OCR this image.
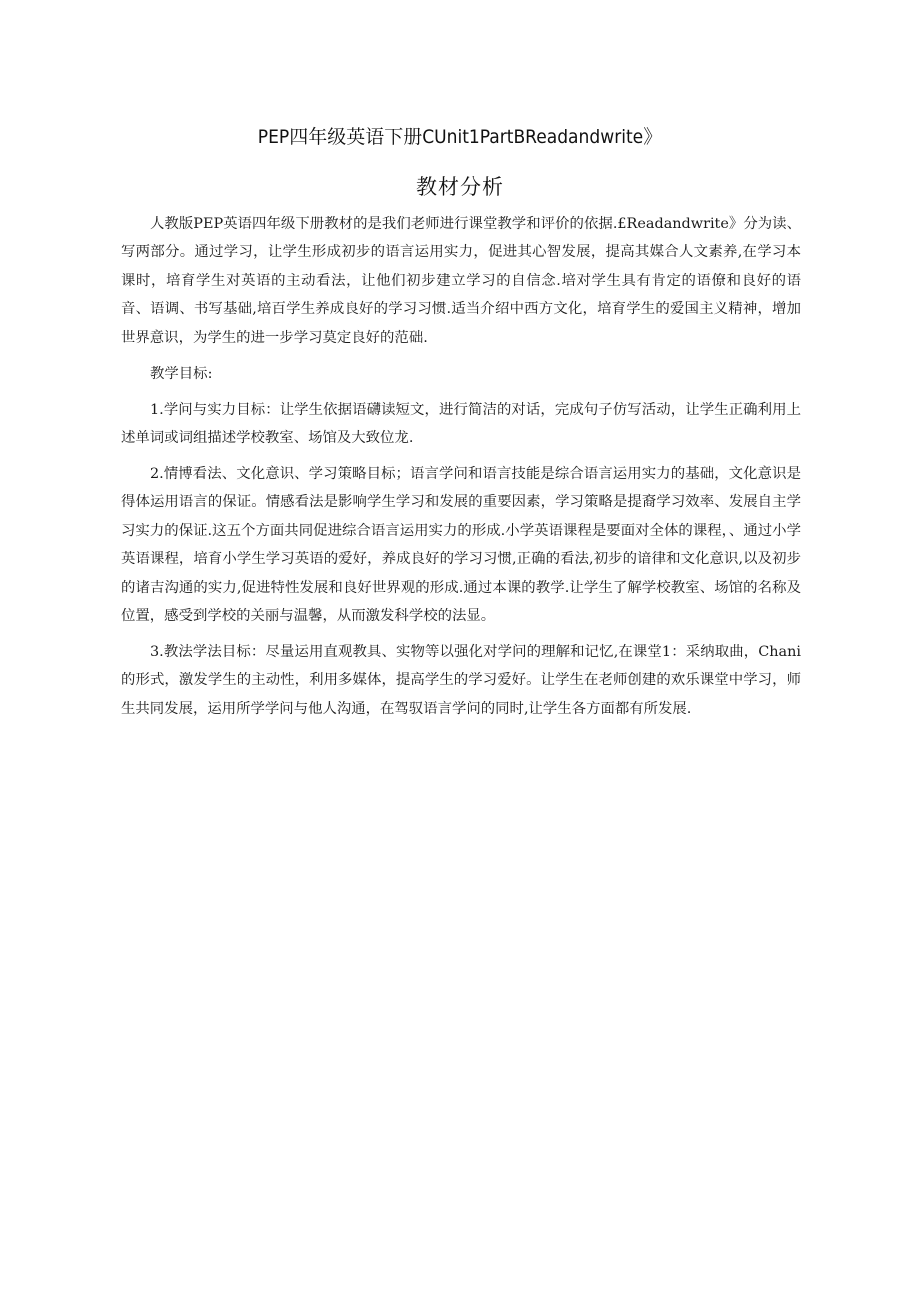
PEP四年级英语下册CUnit1PartBReadandwrite》
教材分析

人教版PEP英语四年级下册教材的是我们老师进行课堂教学和评价的依据.£Readandwrite》分为读、写两部分。通过学习，让学生形成初步的语言运用实力，促进其心智发展，提高其媒合人文素养,在学习本课时，培育学生对英语的主动看法，让他们初步建立学习的自信念.培对学生具有肯定的语僚和良好的语音、语调、书写基础,培百学生养成良好的学习习惯.适当介绍中西方文化，培育学生的爱国主义精神，增加世界意识，为学生的进一步学习莫定良好的范础.

教学目标:

1.学问与实力目标：让学生依据语礴读短文，进行简洁的对话，完成句子仿写活动，让学生正确利用上述单词或词组描述学校教室、场馆及大致位龙.

2.情博看法、文化意识、学习策略目标；语言学问和语言技能是综合语言运用实力的基础，文化意识是得体运用语言的保证。情感看法是影响学生学习和发展的重要因素，学习策略是提裔学习效率、发展自主学习实力的保证.这五个方面共同促进综合语言运用实力的形成.小学英语课程是要面对全体的课程，、通过小学英语课程，培育小学生学习英语的爱好，养成良好的学习习惯,正确的看法,初步的谙律和文化意识,以及初步的诸吉沟通的实力,促进特性发展和良好世界观的形成.通过本课的教学.让学生了解学校教室、场馆的名称及位置，感受到学校的关丽与温馨，从而激发科学校的法显。

3.教法学法目标：尽量运用直观教具、实物等以强化对学问的理解和记忆,在课堂1：采纳取曲，Chani的形式，激发学生的主动性，利用多媒体，提高学生的学习爱好。让学生在老师创建的欢乐课堂中学习，师生共同发展，运用所学学问与他人沟通，在驾驭语言学问的同时,让学生各方面都有所发展.
